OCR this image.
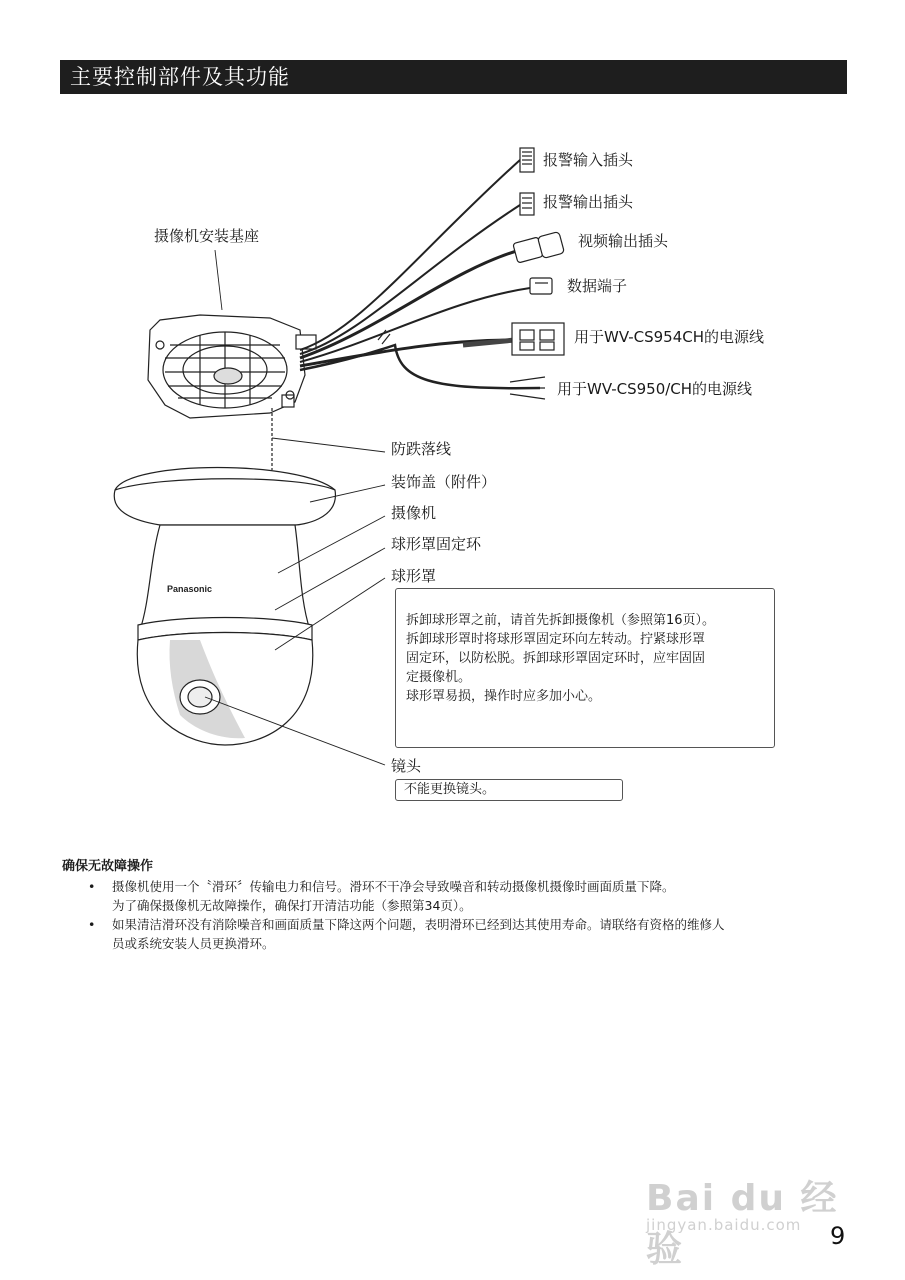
主要控制部件及其功能
Panasonic
报警输入插头
报警输出插头
视频输出插头
数据端子
用于WV-CS954CH的电源线
用于WV-CS950/CH的电源线
摄像机安装基座
防跌落线
装饰盖（附件）
摄像机
球形罩固定环
球形罩
镜头
拆卸球形罩之前，请首先拆卸摄像机（参照第16页）。
拆卸球形罩时将球形罩固定环向左转动。拧紧球形罩
固定环，以防松脱。拆卸球形罩固定环时，应牢固固
定摄像机。
球形罩易损，操作时应多加小心。
不能更换镜头。
确保无故障操作
•	摄像机使用一个〝滑环〞传输电力和信号。滑环不干净会导致噪音和转动摄像机摄像时画面质量下降。
为了确保摄像机无故障操作，确保打开清洁功能（参照第34页）。
•	如果清洁滑环没有消除噪音和画面质量下降这两个问题，表明滑环已经到达其使用寿命。请联络有资格的维修人
员或系统安装人员更换滑环。
Bai du 经验
jingyan.baidu.com 9
